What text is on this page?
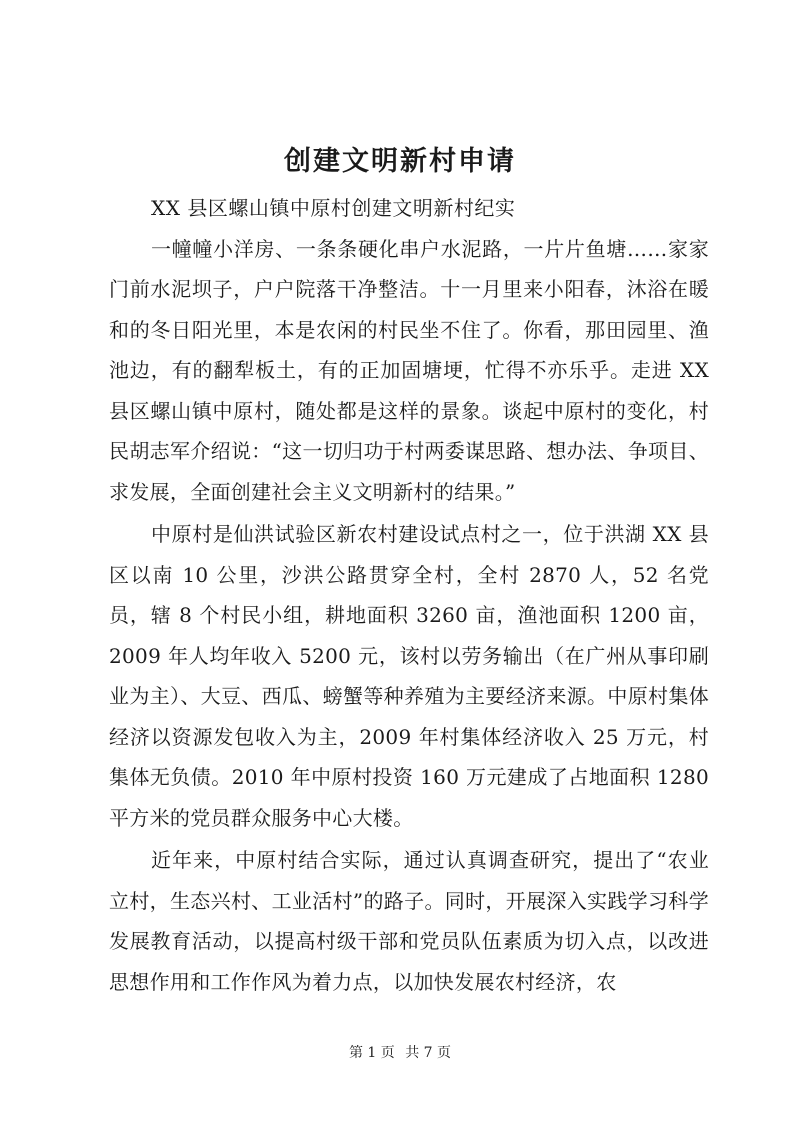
创建文明新村申请

XX 县区螺山镇中原村创建文明新村纪实

一幢幢小洋房、一条条硬化串户水泥路，一片片鱼塘……家家门前水泥坝子，户户院落干净整洁。十一月里来小阳春，沐浴在暖和的冬日阳光里，本是农闲的村民坐不住了。你看，那田园里、渔池边，有的翻犁板土，有的正加固塘埂，忙得不亦乐乎。走进 XX 县区螺山镇中原村，随处都是这样的景象。谈起中原村的变化，村民胡志军介绍说：“这一切归功于村两委谋思路、想办法、争项目、求发展，全面创建社会主义文明新村的结果。”

中原村是仙洪试验区新农村建设试点村之一，位于洪湖 XX 县区以南 10 公里，沙洪公路贯穿全村，全村 2870 人，52 名党员，辖 8 个村民小组，耕地面积 3260 亩，渔池面积 1200 亩，2009 年人均年收入 5200 元，该村以劳务输出（在广州从事印刷业为主）、大豆、西瓜、螃蟹等种养殖为主要经济来源。中原村集体经济以资源发包收入为主，2009 年村集体经济收入 25 万元，村集体无负债。2010 年中原村投资 160 万元建成了占地面积 1280 平方米的党员群众服务中心大楼。

近年来，中原村结合实际，通过认真调查研究，提出了“农业立村，生态兴村、工业活村”的路子。同时，开展深入实践学习科学发展教育活动，以提高村级干部和党员队伍素质为切入点，以改进思想作用和工作作风为着力点，以加快发展农村经济，农

第 1 页 共 7 页
